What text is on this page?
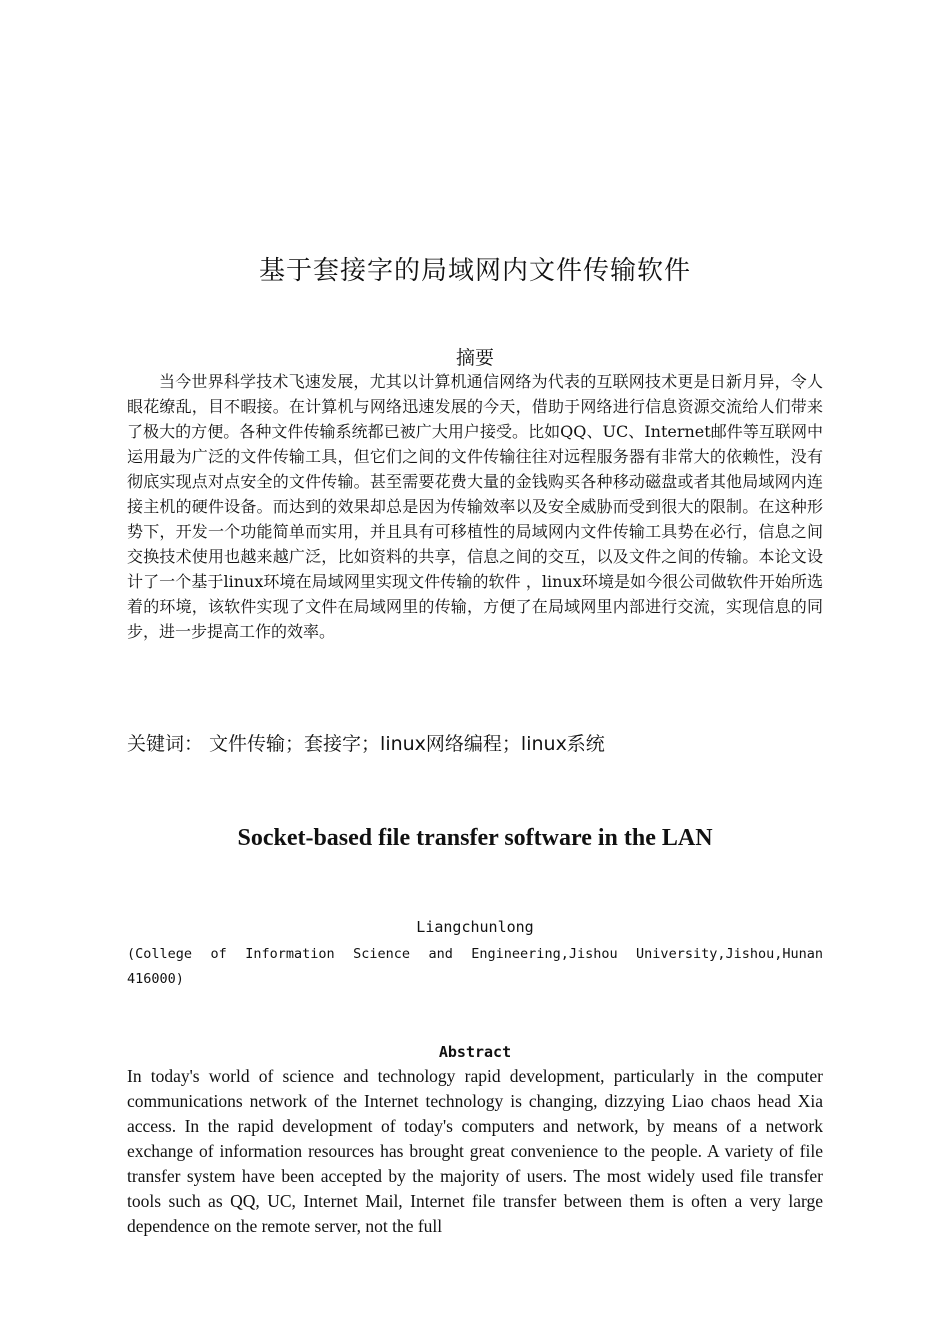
基于套接字的局域网内文件传输软件
摘要

当今世界科学技术飞速发展，尤其以计算机通信网络为代表的互联网技术更是日新月异，令人眼花缭乱，目不暇接。在计算机与网络迅速发展的今天，借助于网络进行信息资源交流给人们带来了极大的方便。各种文件传输系统都已被广大用户接受。比如QQ、UC、Internet邮件等互联网中运用最为广泛的文件传输工具，但它们之间的文件传输往往对远程服务器有非常大的依赖性，没有彻底实现点对点安全的文件传输。甚至需要花费大量的金钱购买各种移动磁盘或者其他局域网内连接主机的硬件设备。而达到的效果却总是因为传输效率以及安全威胁而受到很大的限制。在这种形势下，开发一个功能简单而实用，并且具有可移植性的局域网内文件传输工具势在必行，信息之间交换技术使用也越来越广泛，比如资料的共享，信息之间的交互，以及文件之间的传输。本论文设计了一个基于linux环境在局域网里实现文件传输的软件 ，linux环境是如今很公司做软件开始所选着的环境，该软件实现了文件在局域网里的传输，方便了在局域网里内部进行交流，实现信息的同步，进一步提高工作的效率。

关键词： 文件传输；套接字；linux网络编程；linux系统
Socket-based file transfer software in the LAN
Liangchunlong

(College of Information Science and Engineering,Jishou University,Jishou,Hunan 416000)

Abstract

In today's world of science and technology rapid development, particularly in the computer communications network of the Internet technology is changing, dizzying Liao chaos head Xia access. In the rapid development of today's computers and network, by means of a network exchange of information resources has brought great convenience to the people. A variety of file transfer system have been accepted by the majority of users. The most widely used file transfer tools such as QQ, UC, Internet Mail, Internet file transfer between them is often a very large dependence on the remote server, not the full
